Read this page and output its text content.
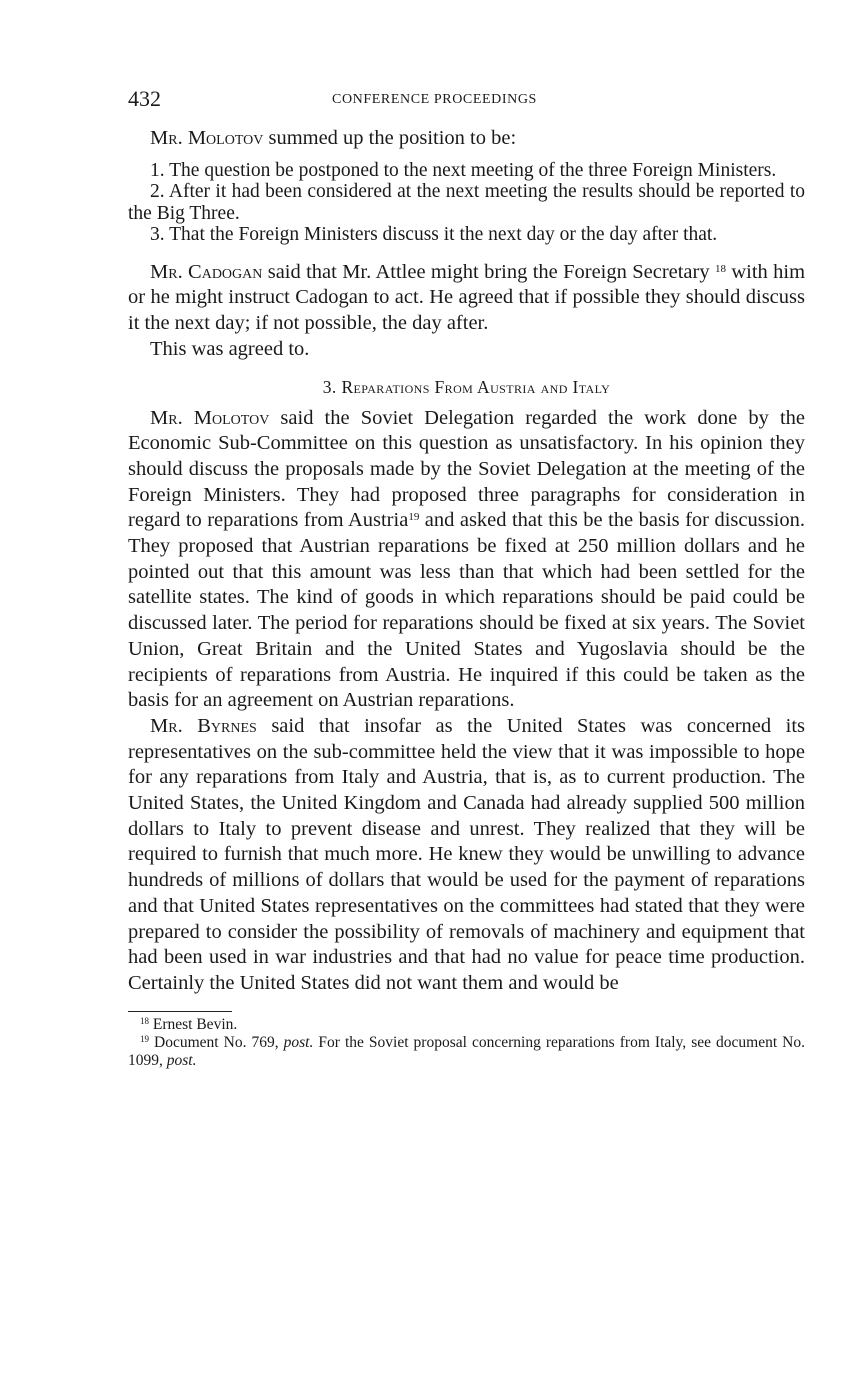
432	CONFERENCE PROCEEDINGS

Mr. Molotov summed up the position to be:

1. The question be postponed to the next meeting of the three Foreign Ministers.

2. After it had been considered at the next meeting the results should be reported to the Big Three.

3. That the Foreign Ministers discuss it the next day or the day after that.

Mr. Cadogan said that Mr. Attlee might bring the Foreign Secretary $^{18}$ with him or he might instruct Cadogan to act. He agreed that if possible they should discuss it the next day; if not possible, the day after.

This was agreed to.

3. Reparations From Austria and Italy

Mr. Molotov said the Soviet Delegation regarded the work done by the Economic Sub-Committee on this question as unsatisfactory. In his opinion they should discuss the proposals made by the Soviet Delegation at the meeting of the Foreign Ministers. They had proposed three paragraphs for consideration in regard to reparations from Austria$^{19}$ and asked that this be the basis for discussion. They proposed that Austrian reparations be fixed at 250 million dollars and he pointed out that this amount was less than that which had been settled for the satellite states. The kind of goods in which reparations should be paid could be discussed later. The period for reparations should be fixed at six years. The Soviet Union, Great Britain and the United States and Yugoslavia should be the recipients of reparations from Austria. He inquired if this could be taken as the basis for an agreement on Austrian reparations.

Mr. Byrnes said that insofar as the United States was concerned its representatives on the sub-committee held the view that it was impossible to hope for any reparations from Italy and Austria, that is, as to current production. The United States, the United Kingdom and Canada had already supplied 500 million dollars to Italy to prevent disease and unrest. They realized that they will be required to furnish that much more. He knew they would be unwilling to advance hundreds of millions of dollars that would be used for the payment of reparations and that United States representatives on the committees had stated that they were prepared to consider the possibility of removals of machinery and equipment that had been used in war industries and that had no value for peace time production. Certainly the United States did not want them and would be

$^{18}$ Ernest Bevin.

$^{19}$ Document No. 769, post. For the Soviet proposal concerning reparations from Italy, see document No. 1099, post.
